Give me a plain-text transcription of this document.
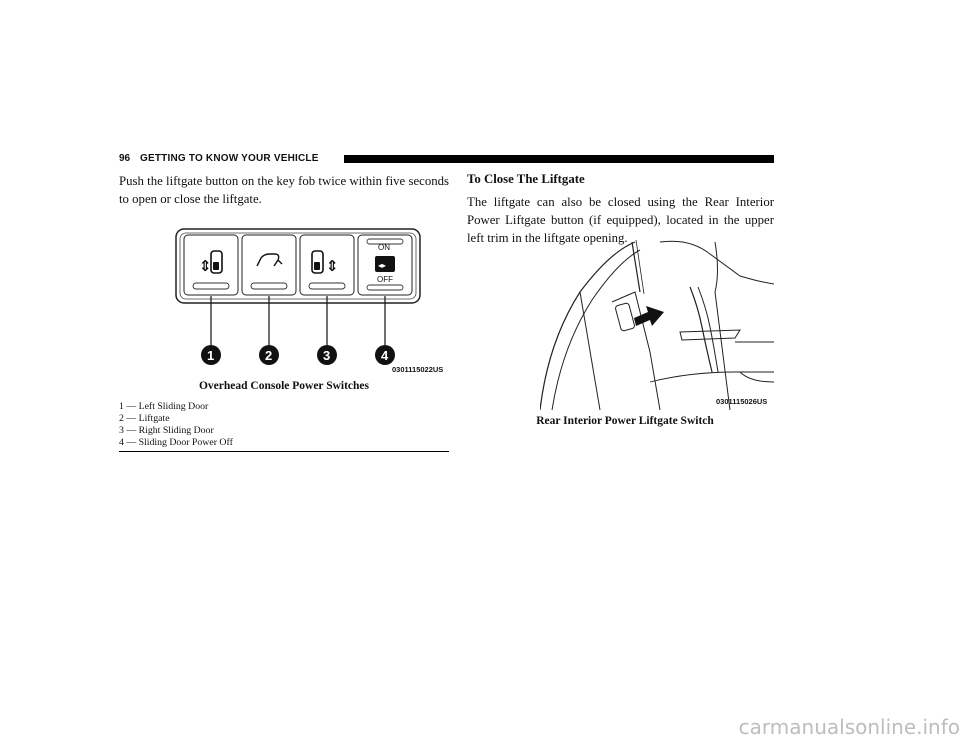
96 GETTING TO KNOW YOUR VEHICLE

Push the liftgate button on the key fob twice within five seconds to open or close the liftgate.

⇕	⇕
ON
◂▸
OFF
1	2	3	4
0301115022US
Overhead Console Power Switches
1 — Left Sliding Door
2 — Liftgate
3 — Right Sliding Door
4 — Sliding Door Power Off
To Close The Liftgate

The liftgate can also be closed using the Rear Interior Power Liftgate button (if equipped), located in the upper left trim in the liftgate opening.

0301115026US
Rear Interior Power Liftgate Switch
carmanualsonline.info
